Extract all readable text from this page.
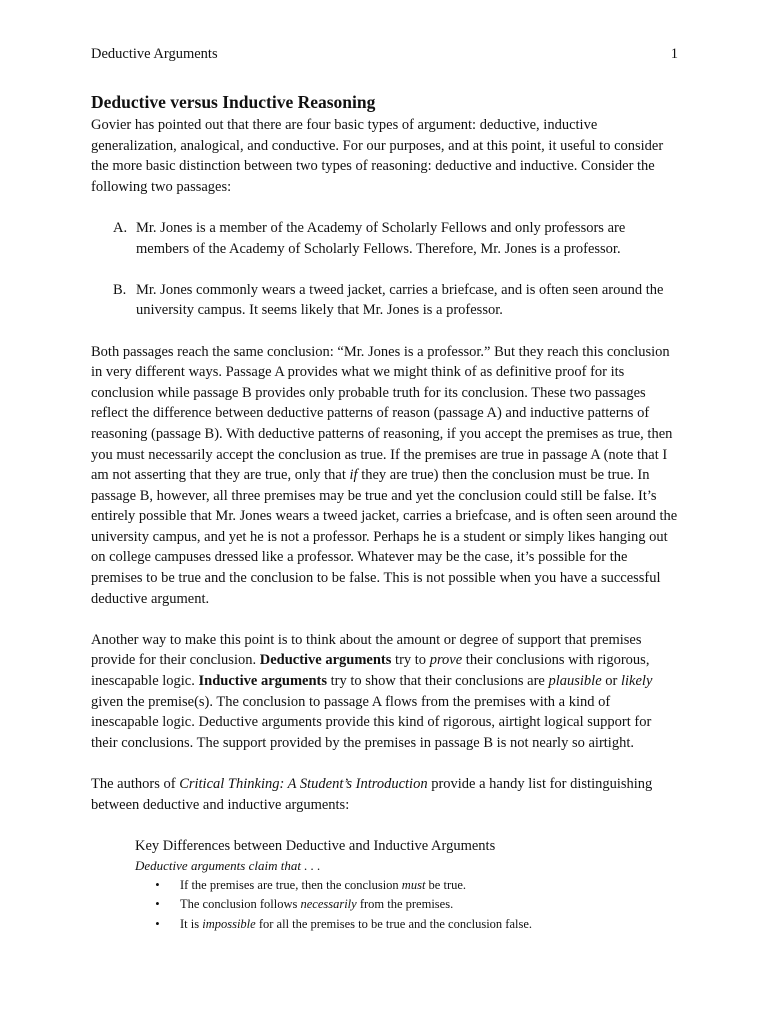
Deductive Arguments	1
Deductive versus Inductive Reasoning

Govier has pointed out that there are four basic types of argument: deductive, inductive generalization, analogical, and conductive. For our purposes, and at this point, it useful to consider the more basic distinction between two types of reasoning: deductive and inductive. Consider the following two passages:

A. Mr. Jones is a member of the Academy of Scholarly Fellows and only professors are members of the Academy of Scholarly Fellows. Therefore, Mr. Jones is a professor.
B. Mr. Jones commonly wears a tweed jacket, carries a briefcase, and is often seen around the university campus. It seems likely that Mr. Jones is a professor.

Both passages reach the same conclusion: “Mr. Jones is a professor.” But they reach this conclusion in very different ways. Passage A provides what we might think of as definitive proof for its conclusion while passage B provides only probable truth for its conclusion. These two passages reflect the difference between deductive patterns of reason (passage A) and inductive patterns of reasoning (passage B). With deductive patterns of reasoning, if you accept the premises as true, then you must necessarily accept the conclusion as true. If the premises are true in passage A (note that I am not asserting that they are true, only that if they are true) then the conclusion must be true. In passage B, however, all three premises may be true and yet the conclusion could still be false. It’s entirely possible that Mr. Jones wears a tweed jacket, carries a briefcase, and is often seen around the university campus, and yet he is not a professor. Perhaps he is a student or simply likes hanging out on college campuses dressed like a professor. Whatever may be the case, it’s possible for the premises to be true and the conclusion to be false. This is not possible when you have a successful deductive argument.

Another way to make this point is to think about the amount or degree of support that premises provide for their conclusion. Deductive arguments try to prove their conclusions with rigorous, inescapable logic. Inductive arguments try to show that their conclusions are plausible or likely given the premise(s). The conclusion to passage A flows from the premises with a kind of inescapable logic. Deductive arguments provide this kind of rigorous, airtight logical support for their conclusions. The support provided by the premises in passage B is not nearly so airtight.

The authors of Critical Thinking: A Student’s Introduction provide a handy list for distinguishing between deductive and inductive arguments:

Key Differences between Deductive and Inductive Arguments
Deductive arguments claim that . . .
•	If the premises are true, then the conclusion must be true.
•	The conclusion follows necessarily from the premises.
•	It is impossible for all the premises to be true and the conclusion false.
